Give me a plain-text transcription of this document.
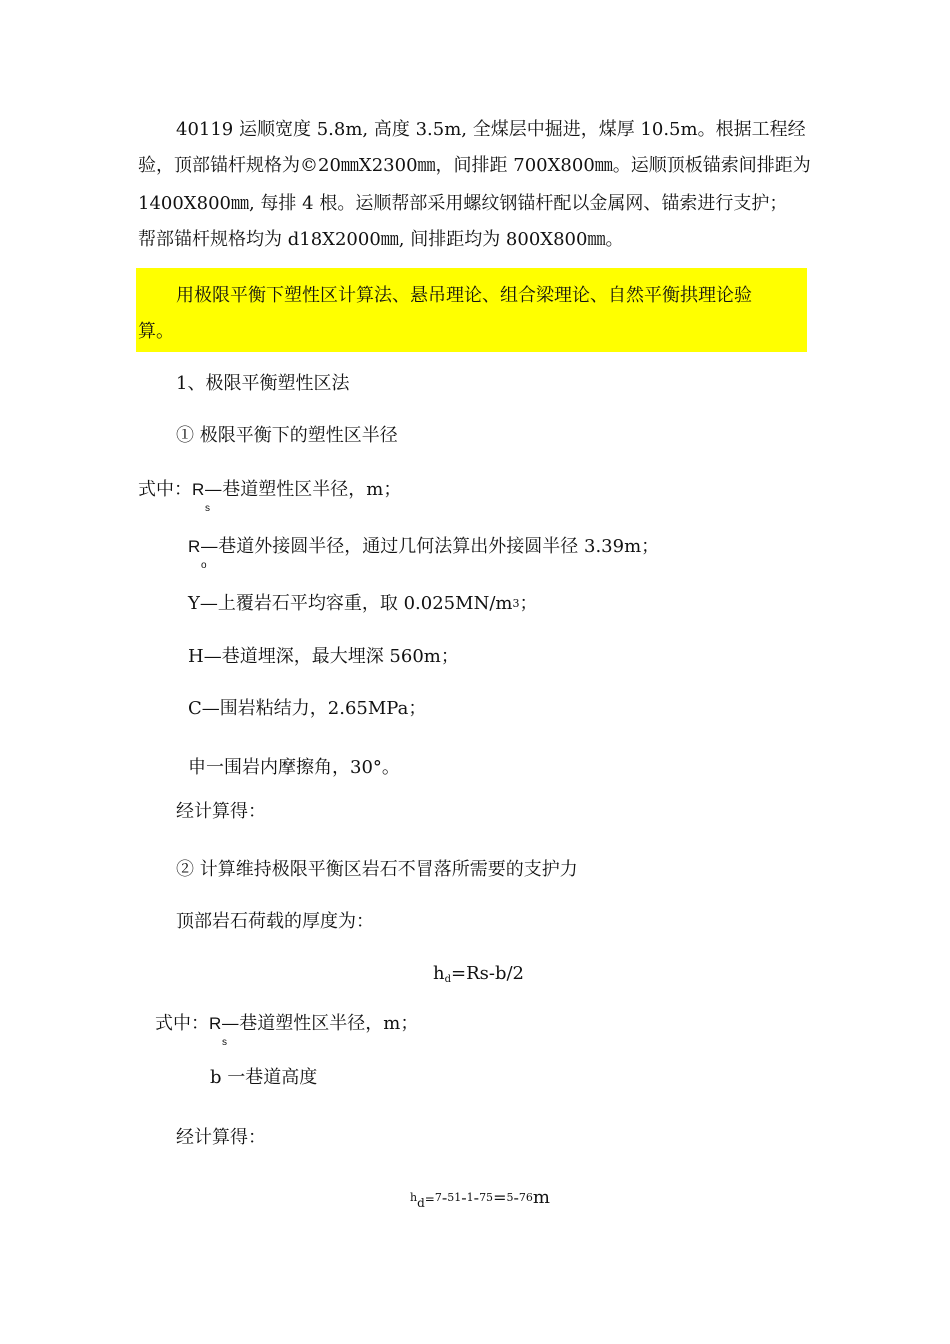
40119 运顺宽度 5.8m, 高度 3.5m, 全煤层中掘进，煤厚 10.5m。根据工程经
验，顶部锚杆规格为©20㎜X2300㎜，间排距 700X800㎜。运顺顶板锚索间排距为
1400X800㎜, 每排 4 根。运顺帮部采用螺纹钢锚杆配以金属网、锚索进行支护；
帮部锚杆规格均为 d18X2000㎜, 间排距均为 800X800㎜。
用极限平衡下塑性区计算法、悬吊理论、组合梁理论、自然平衡拱理论验
算。
1、极限平衡塑性区法
① 极限平衡下的塑性区半径
式中：R
s
—巷道塑性区半径，m；
R
o
—巷道外接圆半径，通过几何法算出外接圆半径 3.39m；
Y—上覆岩石平均容重，取 $0.025MN/m^3$；
H—巷道埋深，最大埋深 560m；
C—围岩粘结力，2.65MPa；
申一围岩内摩擦角，30°。
经计算得：
② 计算维持极限平衡区岩石不冒落所需要的支护力
顶部岩石荷载的厚度为：
hd=Rs-b/2
式中：R
s
—巷道塑性区半径，m；
b 一巷道高度
经计算得：
$^h_d$=$^7$-$^{51}$-$^1$-$^{75}$=$^5$-$^{76}$m
